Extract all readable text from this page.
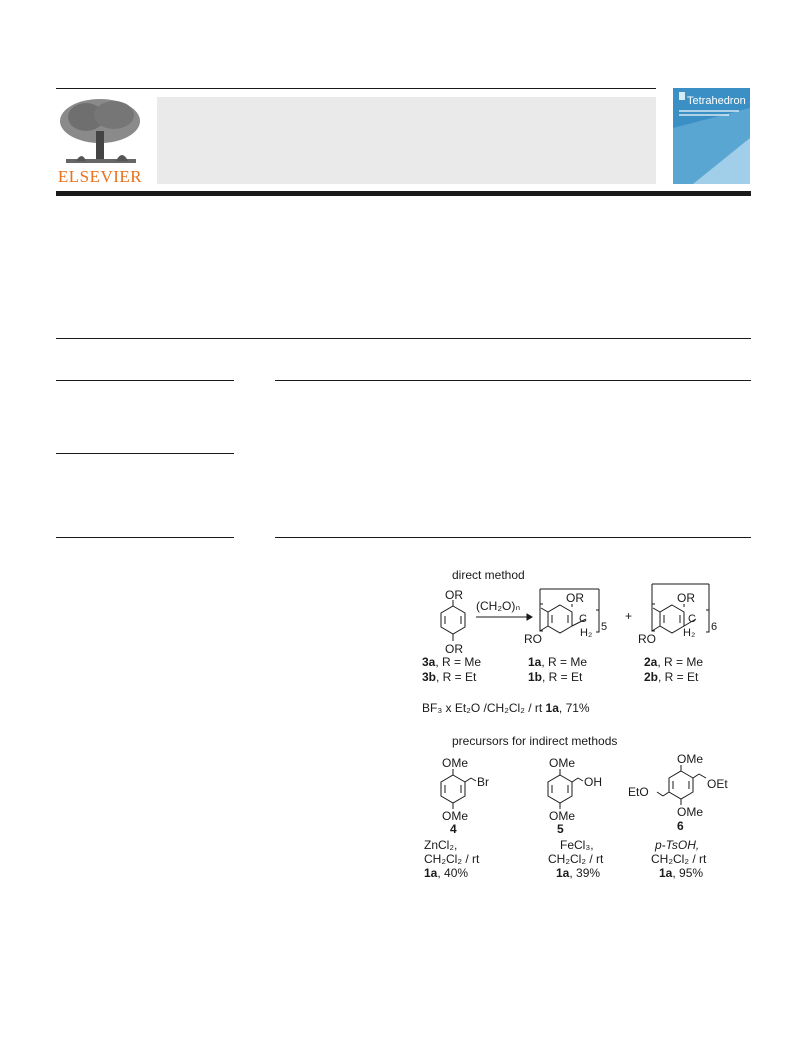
ELSEVIER
Tetrahedron
direct method
OR
OR
(CH₂O)ₙ
OR
RO
C
H₂ 5
+
OR
RO
C
H₂ 6
3a, R = Me
3b, R = Et
1a, R = Me
1b, R = Et
2a, R = Me
2b, R = Et
BF₃ x Et₂O /CH₂Cl₂ / rt 1a, 71%
precursors for indirect methods
OMe
Br
OMe
4
OMe
OH
OMe
5
OMe
OEt
EtO
OMe
6
ZnCl₂,
CH₂Cl₂ / rt
1a, 40%
FeCl₃,
CH₂Cl₂ / rt
1a, 39%
p-TsOH,
CH₂Cl₂ / rt
1a, 95%
